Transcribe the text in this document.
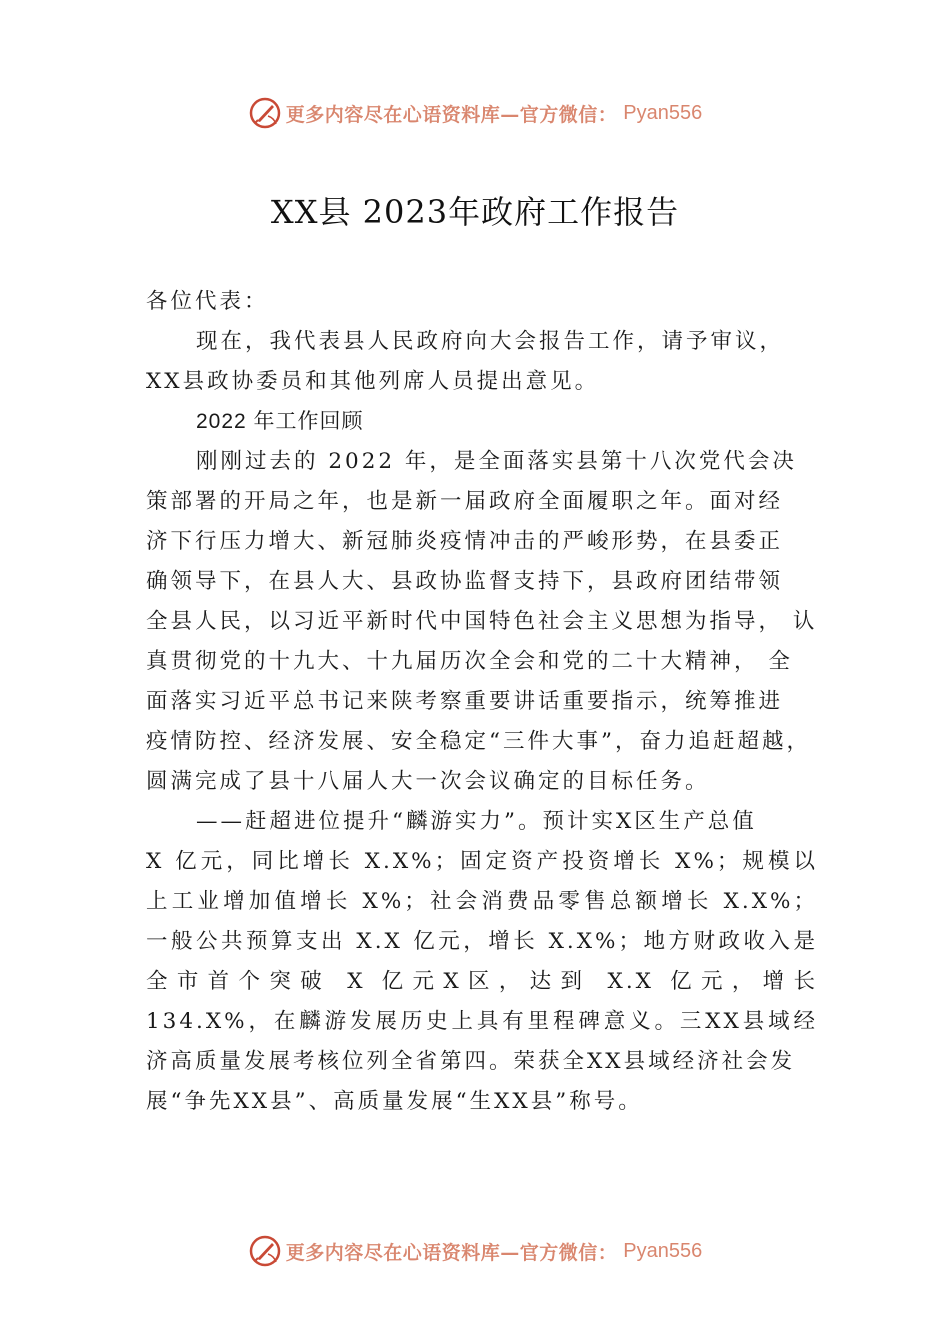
更多内容尽在心语资料库—官方微信： Pyan556
XX县 2023年政府工作报告
各位代表：
现在，我代表县人民政府向大会报告工作，请予审议，
XX县政协委员和其他列席人员提出意见。
2022 年工作回顾
刚刚过去的 2022 年，是全面落实县第十八次党代会决
策部署的开局之年，也是新一届政府全面履职之年。面对经
济下行压力增大、新冠肺炎疫情冲击的严峻形势，在县委正
确领导下，在县人大、县政协监督支持下，县政府团结带领
全县人民，以习近平新时代中国特色社会主义思想为指导， 认
真贯彻党的十九大、十九届历次全会和党的二十大精神， 全
面落实习近平总书记来陕考察重要讲话重要指示，统筹推进
疫情防控、经济发展、安全稳定“三件大事”，奋力追赶超越，
圆满完成了县十八届人大一次会议确定的目标任务。
——赶超进位提升“麟游实力”。预计实X区生产总值
X 亿元，同比增长 X.X%；固定资产投资增长 X%；规模以
上工业增加值增长 X%；社会消费品零售总额增长 X.X%；
一般公共预算支出 X.X 亿元，增长 X.X%；地方财政收入是
全市首个突破 X 亿元X区，达到 X.X 亿元，增长
134.X%，在麟游发展历史上具有里程碑意义。三XX县域经
济高质量发展考核位列全省第四。荣获全XX县域经济社会发
展“争先XX县”、高质量发展“生XX县”称号。
更多内容尽在心语资料库—官方微信： Pyan556
